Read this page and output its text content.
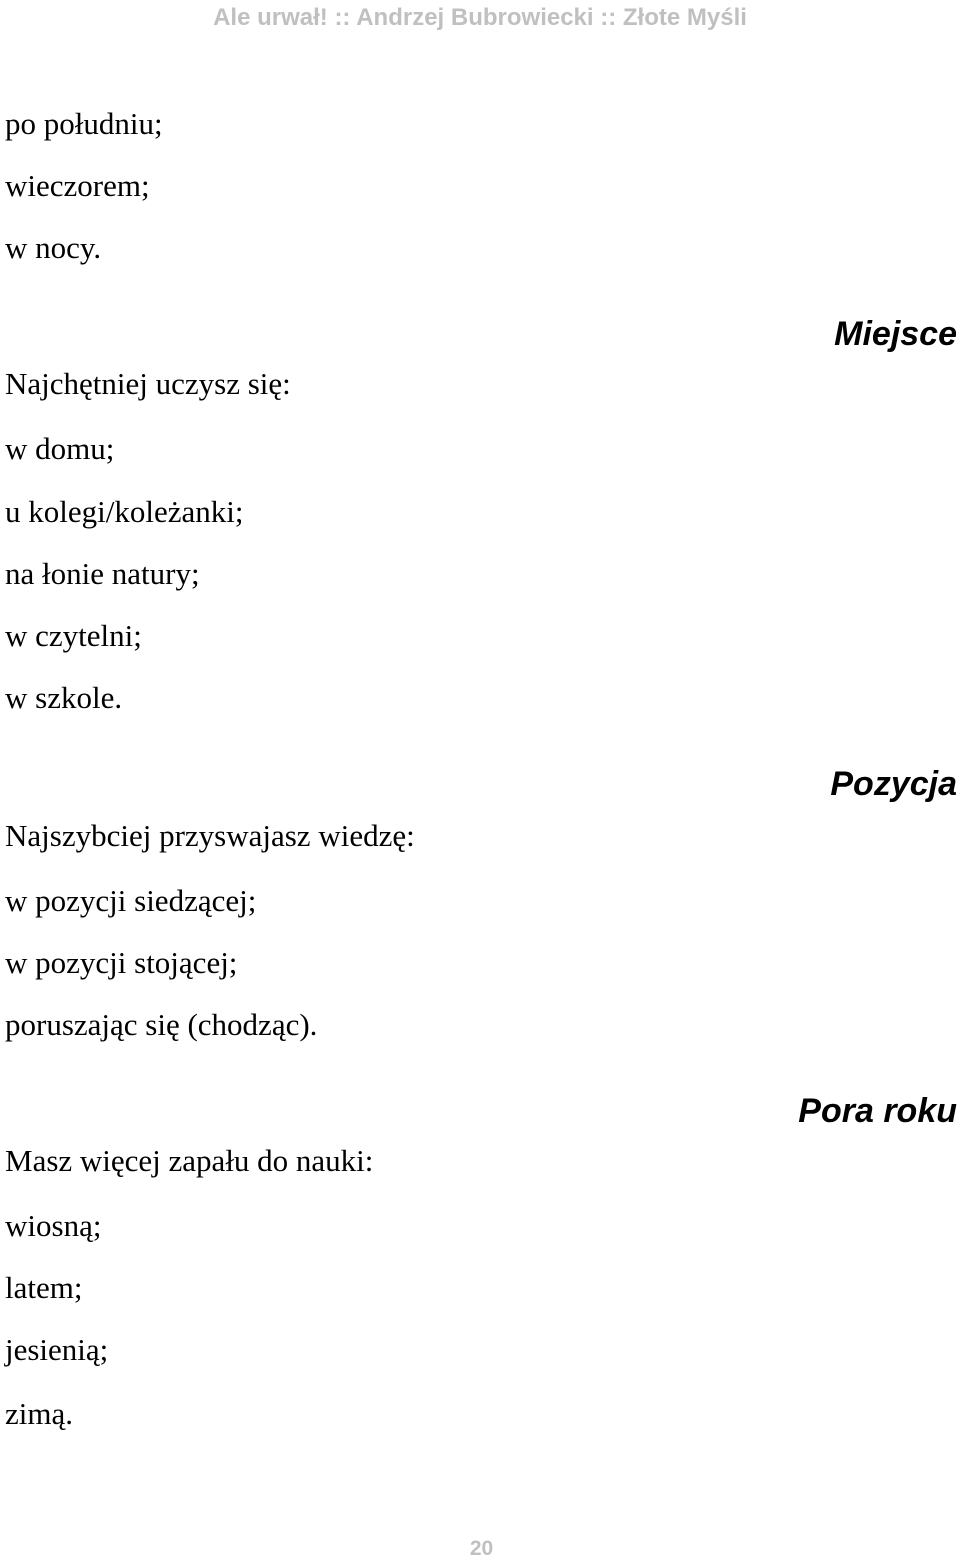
Ale urwał! :: Andrzej Bubrowiecki :: Złote Myśli
po południu;
wieczorem;
w nocy.
Miejsce
Najchętniej uczysz się:
w domu;
u kolegi/koleżanki;
na łonie natury;
w czytelni;
w szkole.
Pozycja
Najszybciej przyswajasz wiedzę:
w pozycji siedzącej;
w pozycji stojącej;
poruszając się (chodząc).
Pora roku
Masz więcej zapału do nauki:
wiosną;
latem;
jesienią;
zimą.
20
